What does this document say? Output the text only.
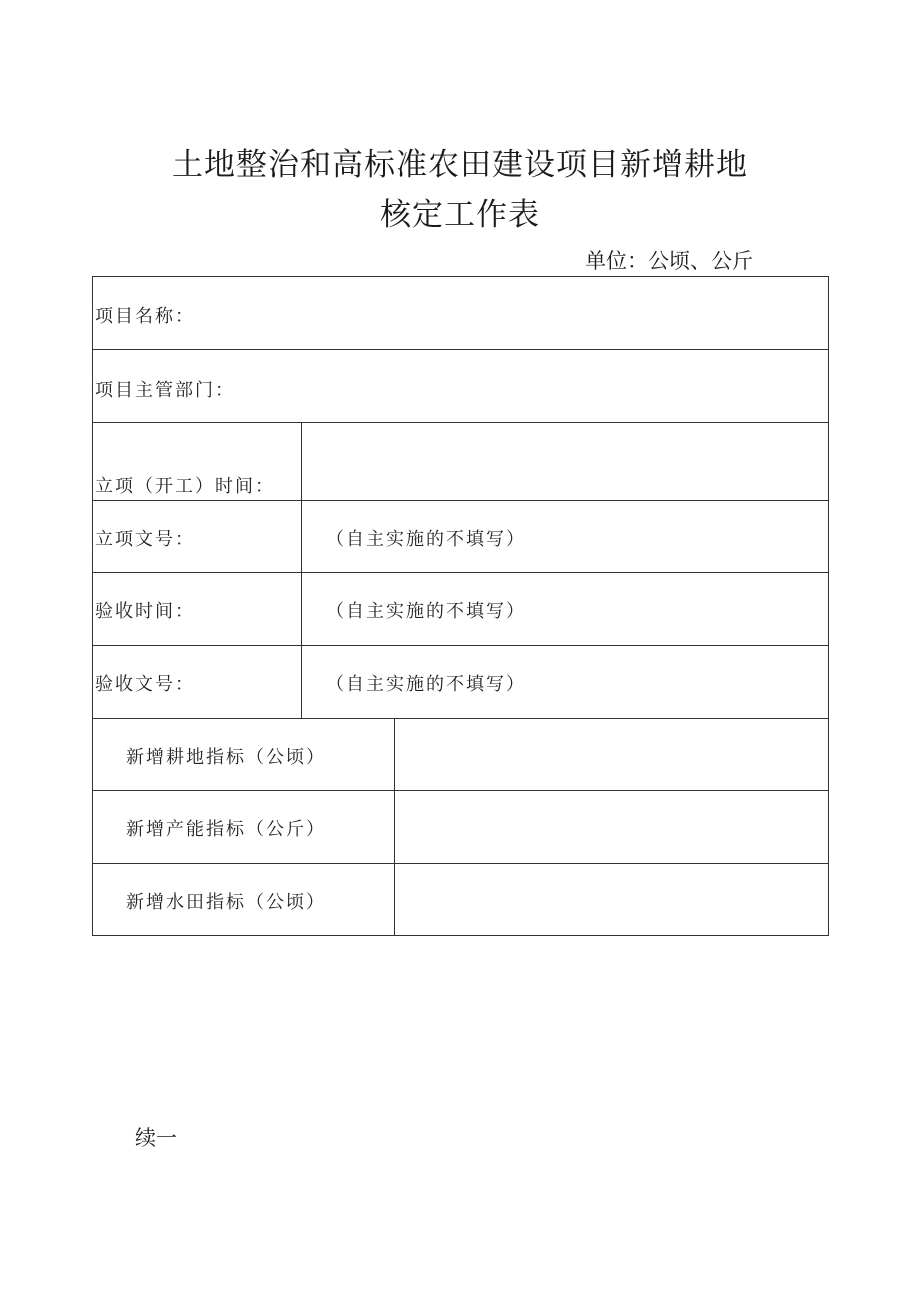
土地整治和高标准农田建设项目新增耕地
核定工作表
单位：公顷、公斤
项目名称：
项目主管部门：
立项（开工）时间：
立项文号：	（自主实施的不填写）
验收时间：	（自主实施的不填写）
验收文号：	（自主实施的不填写）
新增耕地指标（公顷）
新增产能指标（公斤）
新增水田指标（公顷）
续一
